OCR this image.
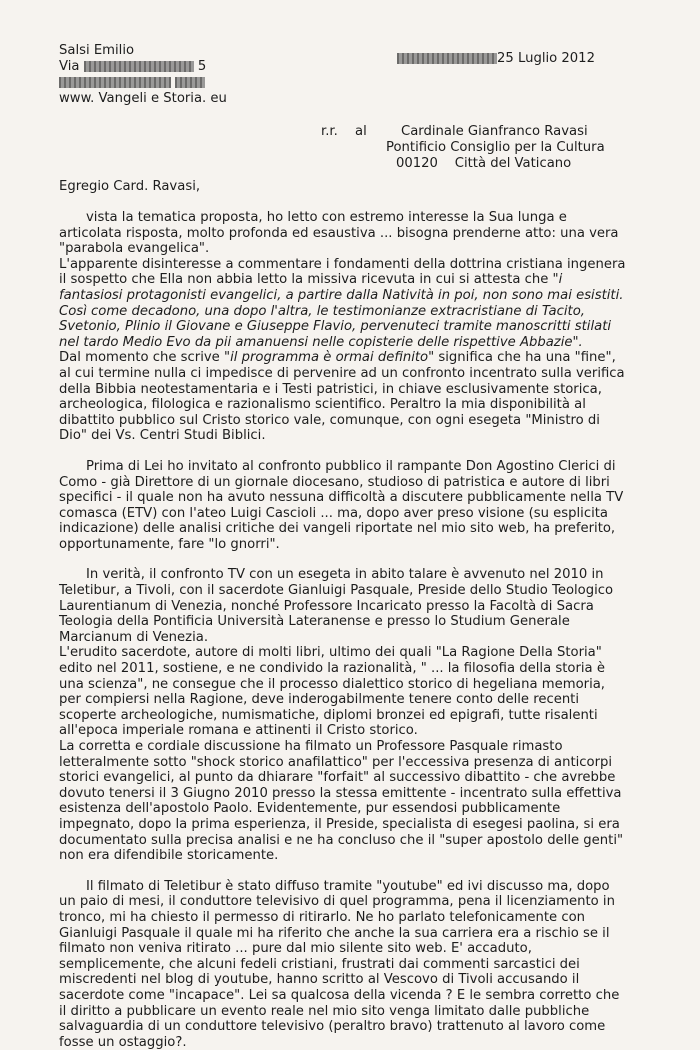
Salsi Emilio
Via	5

www. Vangeli e Storia. eu
25 Luglio 2012
r.r. al	Cardinale Gianfranco Ravasi
Pontificio Consiglio per la Cultura
00120 Città del Vaticano
Egregio Card. Ravasi,

vista la tematica proposta, ho letto con estremo interesse la Sua lunga e articolata risposta, molto profonda ed esaustiva ... bisogna prenderne atto: una vera "parabola evangelica".

L'apparente disinteresse a commentare i fondamenti della dottrina cristiana ingenera il sospetto che Ella non abbia letto la missiva ricevuta in cui si attesta che "i fantasiosi protagonisti evangelici, a partire dalla Natività in poi, non sono mai esistiti. Così come decadono, una dopo l'altra, le testimonianze extracristiane di Tacito, Svetonio, Plinio il Giovane e Giuseppe Flavio, pervenuteci tramite manoscritti stilati nel tardo Medio Evo da pii amanuensi nelle copisterie delle rispettive Abbazie".

Dal momento che scrive "il programma è ormai definito" significa che ha una "fine", al cui termine nulla ci impedisce di pervenire ad un confronto incentrato sulla verifica della Bibbia neotestamentaria e i Testi patristici, in chiave esclusivamente storica, archeologica, filologica e razionalismo scientifico. Peraltro la mia disponibilità al dibattito pubblico sul Cristo storico vale, comunque, con ogni esegeta "Ministro di Dio" dei Vs. Centri Studi Biblici.

Prima di Lei ho invitato al confronto pubblico il rampante Don Agostino Clerici di Como - già Direttore di un giornale diocesano, studioso di patristica e autore di libri specifici - il quale non ha avuto nessuna difficoltà a discutere pubblicamente nella TV comasca (ETV) con l'ateo Luigi Cascioli ... ma, dopo aver preso visione (su esplicita indicazione) delle analisi critiche dei vangeli riportate nel mio sito web, ha preferito, opportunamente, fare "lo gnorri".

In verità, il confronto TV con un esegeta in abito talare è avvenuto nel 2010 in Teletibur, a Tivoli, con il sacerdote Gianluigi Pasquale, Preside dello Studio Teologico Laurentianum di Venezia, nonché Professore Incaricato presso la Facoltà di Sacra Teologia della Pontificia Università Lateranense e presso lo Studium Generale Marcianum di Venezia.

L'erudito sacerdote, autore di molti libri, ultimo dei quali "La Ragione Della Storia" edito nel 2011, sostiene, e ne condivido la razionalità, " ... la filosofia della storia è una scienza", ne consegue che il processo dialettico storico di hegeliana memoria, per compiersi nella Ragione, deve inderogabilmente tenere conto delle recenti scoperte archeologiche, numismatiche, diplomi bronzei ed epigrafi, tutte risalenti all'epoca imperiale romana e attinenti il Cristo storico.

La corretta e cordiale discussione ha filmato un Professore Pasquale rimasto letteralmente sotto "shock storico anafilattico" per l'eccessiva presenza di anticorpi storici evangelici, al punto da dhiarare "forfait" al successivo dibattito - che avrebbe dovuto tenersi il 3 Giugno 2010 presso la stessa emittente - incentrato sulla effettiva esistenza dell'apostolo Paolo. Evidentemente, pur essendosi pubblicamente impegnato, dopo la prima esperienza, il Preside, specialista di esegesi paolina, si era documentato sulla precisa analisi e ne ha concluso che il "super apostolo delle genti" non era difendibile storicamente.

Il filmato di Teletibur è stato diffuso tramite "youtube" ed ivi discusso ma, dopo un paio di mesi, il conduttore televisivo di quel programma, pena il licenziamento in tronco, mi ha chiesto il permesso di ritirarlo. Ne ho parlato telefonicamente con Gianluigi Pasquale il quale mi ha riferito che anche la sua carriera era a rischio se il filmato non veniva ritirato ... pure dal mio silente sito web. E' accaduto, semplicemente, che alcuni fedeli cristiani, frustrati dai commenti sarcastici dei miscredenti nel blog di youtube, hanno scritto al Vescovo di Tivoli accusando il sacerdote come "incapace". Lei sa qualcosa della vicenda ? E le sembra corretto che il diritto a pubblicare un evento reale nel mio sito venga limitato dalle pubbliche salvaguardia di un conduttore televisivo (peraltro bravo) trattenuto al lavoro come fosse un ostaggio?.
